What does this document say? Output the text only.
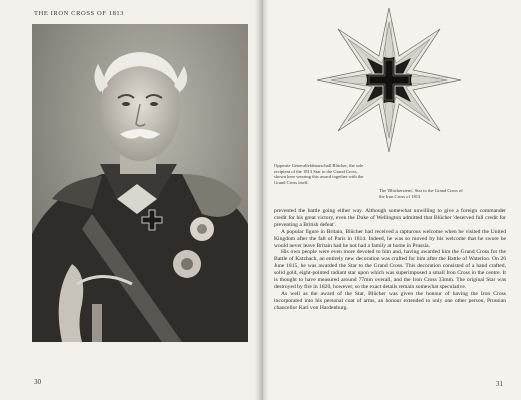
THE IRON CROSS OF 1813
30
Opposite Generalfeldmarschall Blücher, the sole recipient of the 1813 Star to the Grand Cross, shown here wearing this award together with the Grand Cross itself.
The 'Blücherstern', Star to the Grand Cross of the Iron Cross of 1813

prevented the battle going either way. Although somewhat unwilling to give a foreign commander credit for his great victory, even the Duke of Wellington admitted that Blücher 'deserved full credit for preventing a British defeat'.

A popular figure in Britain, Blücher had received a rapturous welcome when he visited the United Kingdom after the fall of Paris in 1814. Indeed, he was so moved by his welcome that he swore he would never leave Britain had he not had a family at home in Prussia.

His own people were even more devoted to him and, having awarded him the Grand Cross for the Battle of Katzbach, an entirely new decoration was crafted for him after the Battle of Waterloo. On 26 June 1815, he was awarded the Star to the Grand Cross. This decoration consisted of a hand crafted, solid gold, eight-pointed radiant star upon which was superimposed a small Iron Cross in the centre. It is thought to have measured around 77mm overall, and the Iron Cross 33mm. The original Star was destroyed by fire in 1820, however, so the exact details remain somewhat speculative.

As well as the award of the Star, Blücher was given the honour of having the Iron Cross incorporated into his personal coat of arms, an honour extended to only one other person, Prussian chancellor Karl von Hardenburg.

31
